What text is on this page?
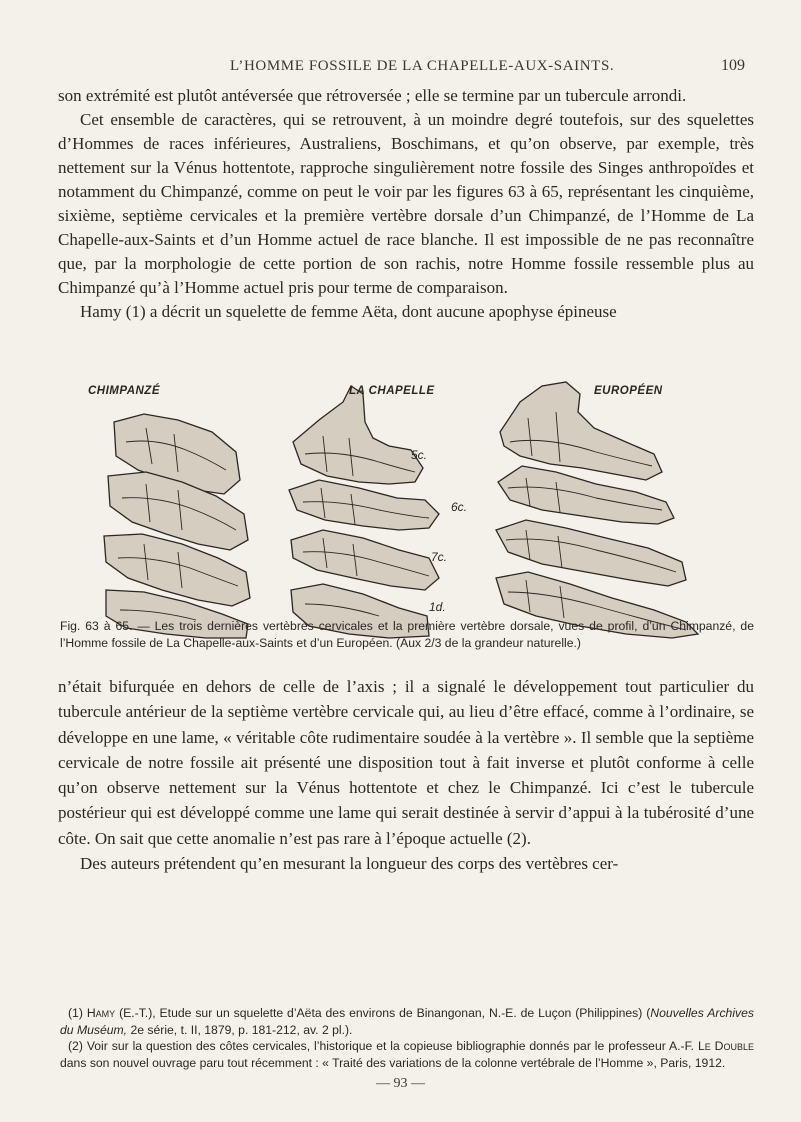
L’HOMME FOSSILE DE LA CHAPELLE-AUX-SAINTS.	109

son extrémité est plutôt antéversée que rétroversée ; elle se termine par un tubercule arrondi.

Cet ensemble de caractères, qui se retrouvent, à un moindre degré toutefois, sur des squelettes d’Hommes de races inférieures, Australiens, Boschimans, et qu’on observe, par exemple, très nettement sur la Vénus hottentote, rapproche singulièrement notre fossile des Singes anthropoïdes et notamment du Chimpanzé, comme on peut le voir par les figures 63 à 65, représentant les cinquième, sixième, septième cervicales et la première vertèbre dorsale d’un Chimpanzé, de l’Homme de La Chapelle-aux-Saints et d’un Homme actuel de race blanche. Il est impossible de ne pas reconnaître que, par la morphologie de cette portion de son rachis, notre Homme fossile ressemble plus au Chimpanzé qu’à l’Homme actuel pris pour terme de comparaison.

Hamy (1) a décrit un squelette de femme Aëta, dont aucune apophyse épineuse

CHIMPANZÉ	LA CHAPELLE
5c.
6c.
7c.
1d.
EUROPÉEN
Fig. 63 à 65. — Les trois dernières vertèbres cervicales et la première vertèbre dorsale, vues de profil, d’un Chimpanzé, de l’Homme fossile de La Chapelle-aux-Saints et d’un Européen. (Aux 2/3 de la grandeur naturelle.)

n’était bifurquée en dehors de celle de l’axis ; il a signalé le développement tout particulier du tubercule antérieur de la septième vertèbre cervicale qui, au lieu d’être effacé, comme à l’ordinaire, se développe en une lame, « véritable côte rudimentaire soudée à la vertèbre ». Il semble que la septième cervicale de notre fossile ait présenté une disposition tout à fait inverse et plutôt conforme à celle qu’on observe nettement sur la Vénus hottentote et chez le Chimpanzé. Ici c’est le tubercule postérieur qui est développé comme une lame qui serait destinée à servir d’appui à la tubérosité d’une côte. On sait que cette anomalie n’est pas rare à l’époque actuelle (2).

Des auteurs prétendent qu’en mesurant la longueur des corps des vertèbres cer-

(1) Hamy (E.-T.), Etude sur un squelette d’Aëta des environs de Binangonan, N.-E. de Luçon (Philippines) (Nouvelles Archives du Muséum, 2e série, t. II, 1879, p. 181-212, av. 2 pl.).

(2) Voir sur la question des côtes cervicales, l’historique et la copieuse bibliographie donnés par le professeur A.-F. Le Double dans son nouvel ouvrage paru tout récemment : « Traité des variations de la colonne vertébrale de l’Homme », Paris, 1912.

— 93 —
